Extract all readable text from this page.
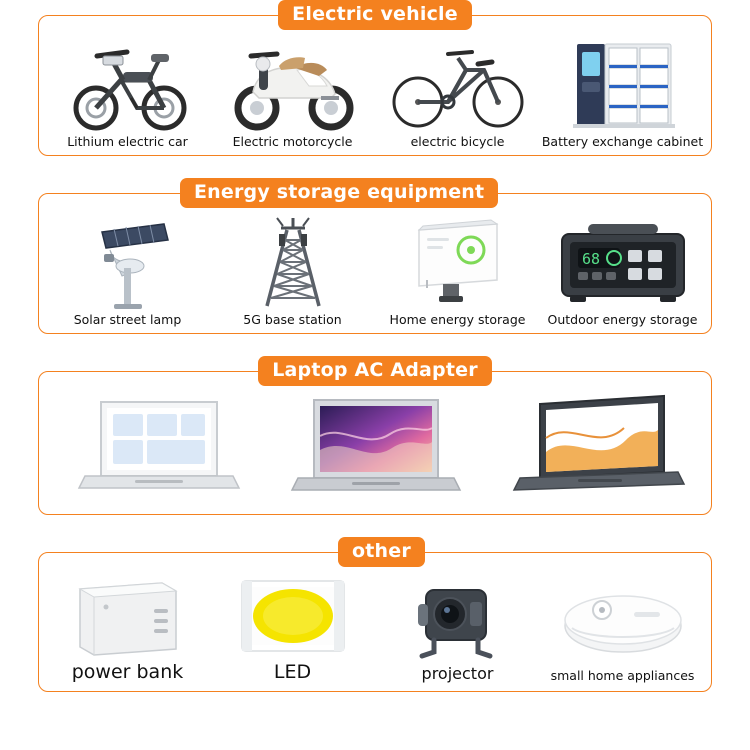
Electric vehicle
Lithium electric car	Electric motorcycle	electric bicycle	Battery exchange cabinet
Energy storage equipment
Solar street lamp	5G base station	Home energy storage
68
Outdoor energy storage
Laptop AC Adapter
other
power bank	LED	projector	small home appliances
